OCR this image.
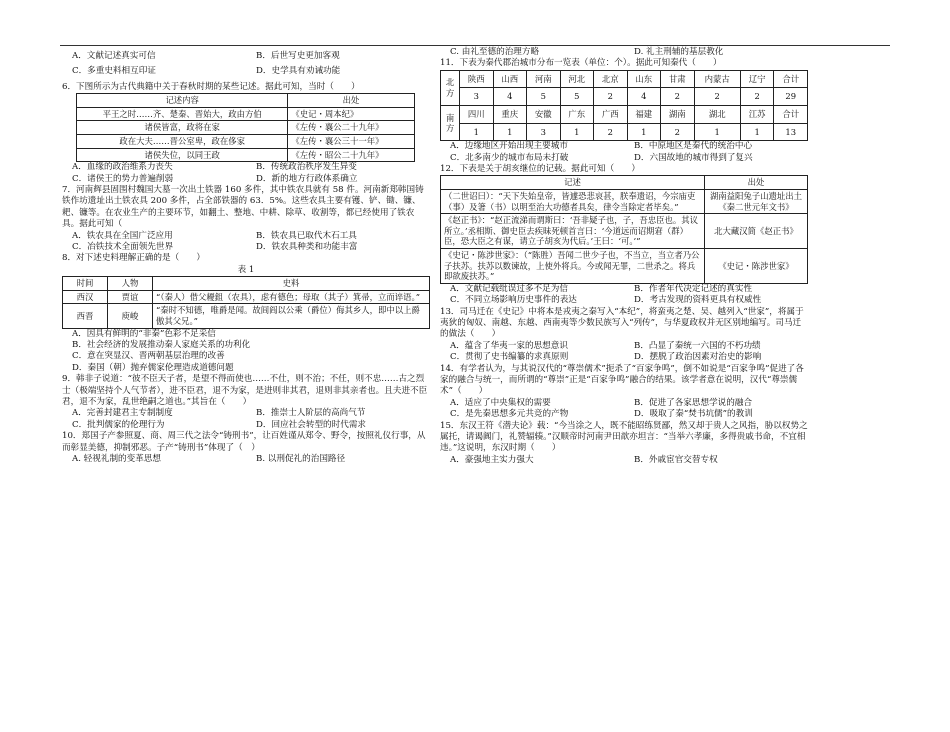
A．文献记述真实可信	B．后世写史更加客观
C．多重史料相互印证	D．史学具有劝诫功能

6．下图所示为古代典籍中关于春秋时期的某些记述。据此可知，当时（　　）

记述内容	出处
平王之时……齐、楚秦、晋始大，政由方伯	《史记・周本纪》
诸侯皆富，政将在家	《左传・襄公二十九年》
政在大夫……晋公室卑，政在侈家	《左传・襄公三十一年》
诸侯失位，以同王政	《左传・昭公二十九年》
A．血缘的政治维系力丧失	B．传统政治秩序发生异变
C．诸侯王的势力普遍削弱	D．新的地方行政体系确立

7．河南辉县固围村魏国大墓一次出土铁器 160 多件，其中铁农具就有 58 件。河南新郑韩国铸铁作坊遗址出土铁农具 200 多件，占全部铁器的 63．5%。这些农具主要有镬、铲、锄、镰、耙、镰等。在农业生产的主要环节，如翻土、整地、中耕、除草、收割等，都已经使用了铁农具。据此可知（

A．铁农具在全国广泛应用	B．铁农具已取代木石工具
C．冶铁技术全面领先世界	D．铁农具种类和功能丰富

8．对下述史料理解正确的是（　　）

表 1

时间	人物	史料
西汉	贾谊	“（秦人）借父耰鉏（农具），虑有德色；母取（其子）箕帚，立而谇语。”
西晋	庾峻	“秦时不知德，唯爵是闻。故闾阎以公乘（爵位）侮其乡人，即中以上爵傲其父兄。”
A．因具有鲜明的“非秦”色彩不足采信
B．社会经济的发展推动秦人家庭关系的功利化
C．意在突显汉、晋两朝基层治理的改善
D．秦国（朝）抛弃儒家伦理造成道德问题

9．韩非子说道：“彼不臣天子者，是望不得而使也……不仕，则不治；不任，则不忠……古之烈士（极端坚持个人气节者），进不臣君，退不为家，是进则非其君，退则非其亲者也。且夫进不臣君，退不为家，乱世绝嗣之道也。”其旨在（　　）

A．完善封建君主专制制度	B．推崇士人阶层的高尚气节
C．批判儒家的伦理行为	D．回应社会转型的时代需求

10．郑国子产参照夏、商、周三代之法令“铸刑书”，让百姓谨从郑令、野令，按照礼仪行事，从而彰显美德，抑制邪恶。子产“铸刑书”体现了（　）

A. 轻视礼制的变革思想	B. 以刑促礼的治国路径
C. 由礼至德的治理方略	D. 礼主刑辅的基层教化

11．下表为秦代郡治城市分布一览表（单位：个）。据此可知秦代（　　）

北方	陕西	山西	河南	河北	北京	山东	甘肃	内蒙古	辽宁	合计
	3	4	5	5	2	4	2	2	2	29
南方	四川	重庆	安徽	广东	广西	福建	湖南	湖北	江苏	合计
	1	1	3	1	2	1	2	1	1	13
A．边缘地区开始出现主要城市	B．中原地区是秦代的统治中心
C．北多南少的城市布局未打破	D．六国故地的城市得到了复兴

12．下表是关于胡亥继位的记载。据此可知（　　）

记述	出处
（二世诏曰）：“天下失始皇帝，皆遽恐悲哀甚，朕奉遗诏，今宗庙吏（事）及箸（书）以明至治大功德者具矣，律令当除定者毕矣。”	湖南益阳兔子山遗址出土《秦二世元年文书》
《赵正书》：“赵正流涕而谓斯曰：‘吾非疑子也，子，吾忠臣也。其议所立。’丞相斯、御史臣去疾昧死顿首言曰：‘今道远而诏期宭（群）臣，恐大臣之有谋，请立子胡亥为代后。’王曰：‘可。’”	北大藏汉简《赵正书》
《史记・陈涉世家》：（“陈胜）吾闻二世少子也，不当立，当立者乃公子扶苏。扶苏以数谏故，上使外将兵。今或闻无罪，二世杀之。将兵即欲废扶苏。”	《史记・陈涉世家》
A．文献记载纰误过多不足为信	B．作者年代决定记述的真实性
C．不同立场影响历史事件的表达	D．考古发现的资料更具有权威性

13．司马迁在《史记》中将本是戎夷之秦写入“本纪”，将蛮夷之楚、吴、越列入“世家”，将属于夷狄的匈奴、南越、东越、西南夷等少数民族写入“列传”，与华夏政权并无区别地编写。司马迁的做法（　　）

A．蕴含了华夷一家的思想意识	B．凸显了秦统一六国的不朽功绩
C．贯彻了史书编纂的求真原则	D．摆脱了政治因素对治史的影响

14．有学者认为，与其说汉代的“尊崇儒术”扼杀了“百家争鸣”，倒不如说是“百家争鸣”促进了各家的融合与统一，而所谓的“尊崇”正是“百家争鸣”融合的结果。该学者意在说明，汉代“尊崇儒术”（　　）

A．适应了中央集权的需要	B．促进了各家思想学说的融合
C．是先秦思想多元共竞的产物	D．吸取了秦“焚书坑儒”的教训

15．东汉王符《潜夫论》载：“今当涂之人，既不能昭练贤鄙，然又却于贵人之风指，胁以权势之属托，请谒阗门，礼赞辐辏。”汉顺帝时河南尹田歆亦坦言：“当举六孝廉，多得贵戚书命，不宜相违。”这说明，东汉时期（　　）

A．豪强地主实力强大	B．外戚宦官交替专权
